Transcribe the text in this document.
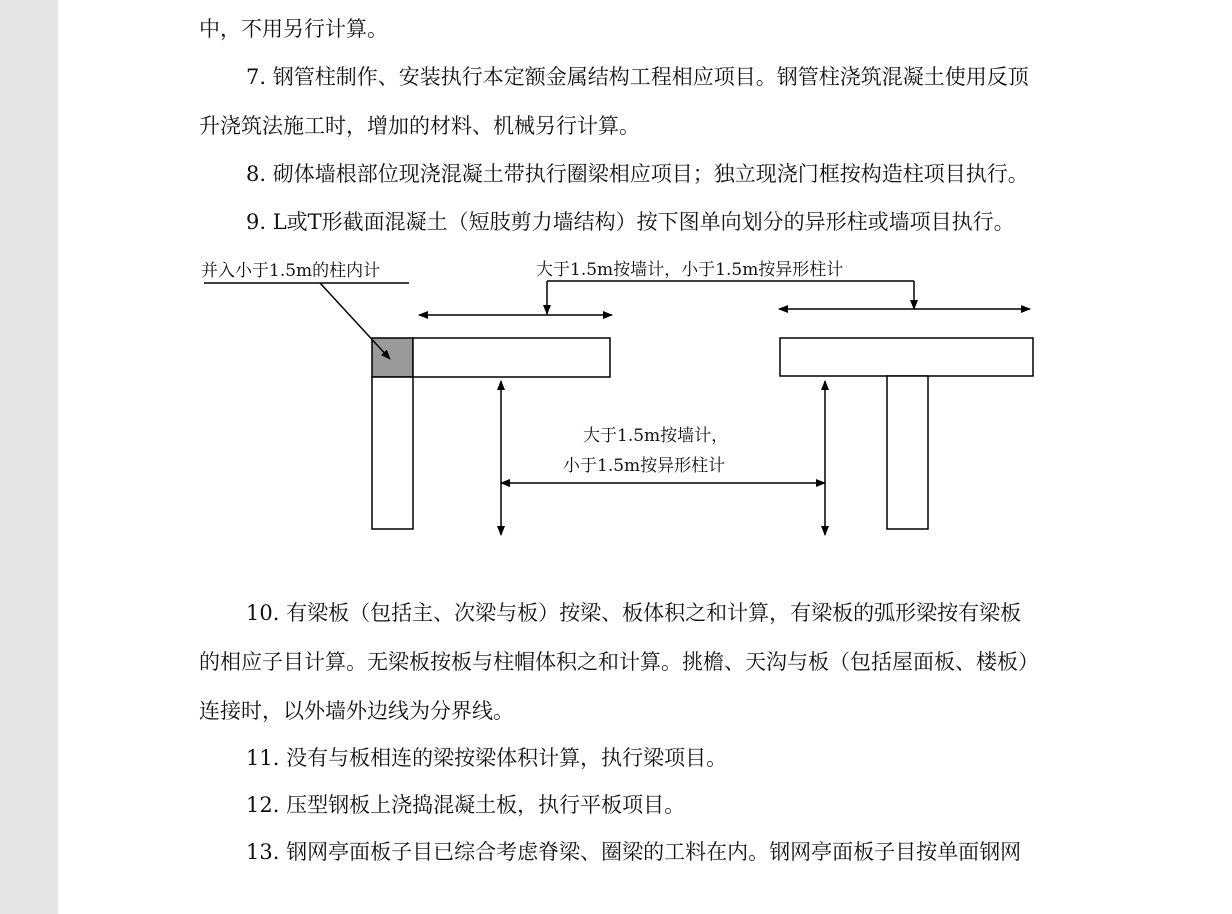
中，不用另行计算。
7. 钢管柱制作、安装执行本定额金属结构工程相应项目。钢管柱浇筑混凝土使用反顶
升浇筑法施工时，增加的材料、机械另行计算。
8. 砌体墙根部位现浇混凝土带执行圈梁相应项目；独立现浇门框按构造柱项目执行。
9. L或T形截面混凝土（短肢剪力墙结构）按下图单向划分的异形柱或墙项目执行。
并入小于1.5m的柱内计	大于1.5m按墙计，小于1.5m按异形柱计
大于1.5m按墙计，
小于1.5m按异形柱计
10. 有梁板（包括主、次梁与板）按梁、板体积之和计算，有梁板的弧形梁按有梁板
的相应子目计算。无梁板按板与柱帽体积之和计算。挑檐、天沟与板（包括屋面板、楼板）
连接时，以外墙外边线为分界线。
11. 没有与板相连的梁按梁体积计算，执行梁项目。
12. 压型钢板上浇捣混凝土板，执行平板项目。
13. 钢网亭面板子目已综合考虑脊梁、圈梁的工料在内。钢网亭面板子目按单面钢网
